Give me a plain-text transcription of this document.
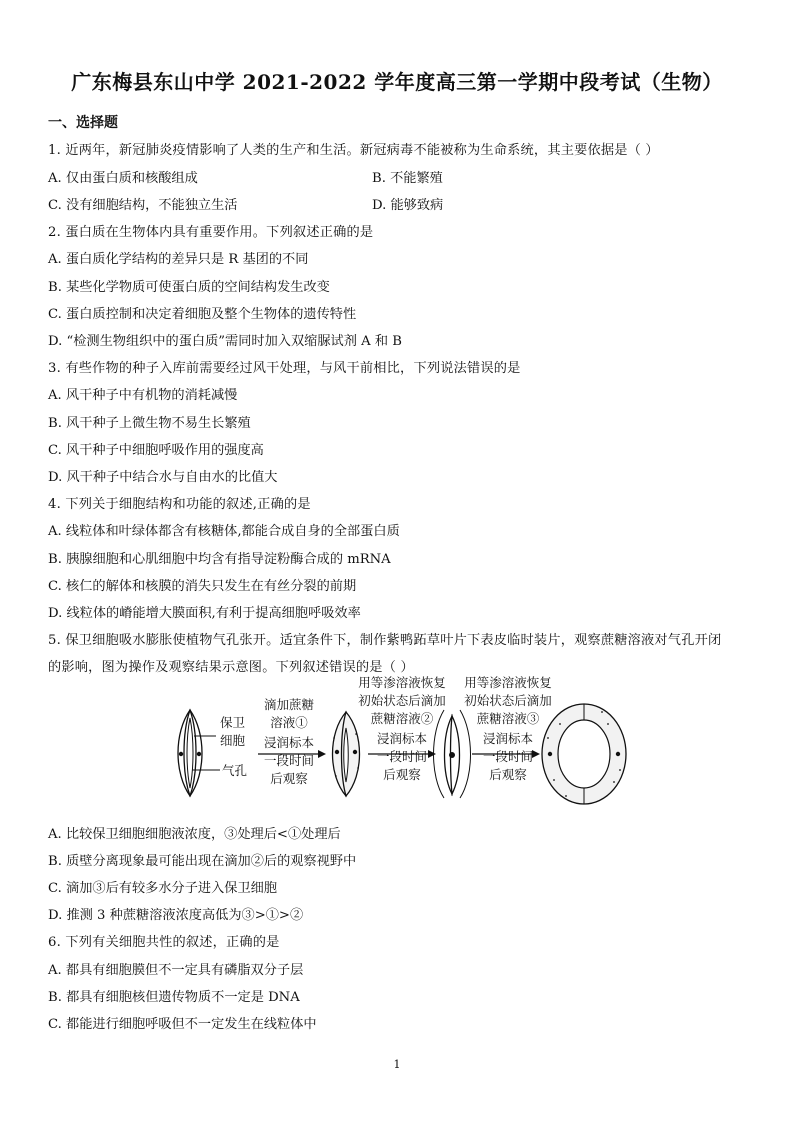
广东梅县东山中学 2021-2022 学年度高三第一学期中段考试（生物）
一、选择题
1. 近两年，新冠肺炎疫情影响了人类的生产和生活。新冠病毒不能被称为生命系统，其主要依据是（ ）
A. 仅由蛋白质和核酸组成	B. 不能繁殖
C. 没有细胞结构，不能独立生活	D. 能够致病
2. 蛋白质在生物体内具有重要作用。下列叙述正确的是
A. 蛋白质化学结构的差异只是 R 基团的不同
B. 某些化学物质可使蛋白质的空间结构发生改变
C. 蛋白质控制和决定着细胞及整个生物体的遗传特性
D. “检测生物组织中的蛋白质”需同时加入双缩脲试剂 A 和 B
3. 有些作物的种子入库前需要经过风干处理，与风干前相比，下列说法错误的是
A. 风干种子中有机物的消耗减慢
B. 风干种子上微生物不易生长繁殖
C. 风干种子中细胞呼吸作用的强度高
D. 风干种子中结合水与自由水的比值大
4. 下列关于细胞结构和功能的叙述,正确的是
A. 线粒体和叶绿体都含有核糖体,都能合成自身的全部蛋白质
B. 胰腺细胞和心肌细胞中均含有指导淀粉酶合成的 mRNA
C. 核仁的解体和核膜的消失只发生在有丝分裂的前期
D. 线粒体的嵴能增大膜面积,有利于提高细胞呼吸效率
5. 保卫细胞吸水膨胀使植物气孔张开。适宜条件下，制作紫鸭跖草叶片下表皮临时装片，观察蔗糖溶液对气孔开闭
的影响，图为操作及观察结果示意图。下列叙述错误的是（ ）
保卫
细胞
气孔
滴加蔗糖
溶液①
浸润标本
一段时间
后观察
用等渗溶液恢复
初始状态后滴加
蔗糖溶液②
浸润标本
一段时间
后观察
用等渗溶液恢复
初始状态后滴加
蔗糖溶液③
浸润标本
一段时间
后观察
A. 比较保卫细胞细胞液浓度，③处理后<①处理后
B. 质壁分离现象最可能出现在滴加②后的观察视野中
C. 滴加③后有较多水分子进入保卫细胞
D. 推测 3 种蔗糖溶液浓度高低为③>①>②
6. 下列有关细胞共性的叙述，正确的是
A. 都具有细胞膜但不一定具有磷脂双分子层
B. 都具有细胞核但遗传物质不一定是 DNA
C. 都能进行细胞呼吸但不一定发生在线粒体中
1
